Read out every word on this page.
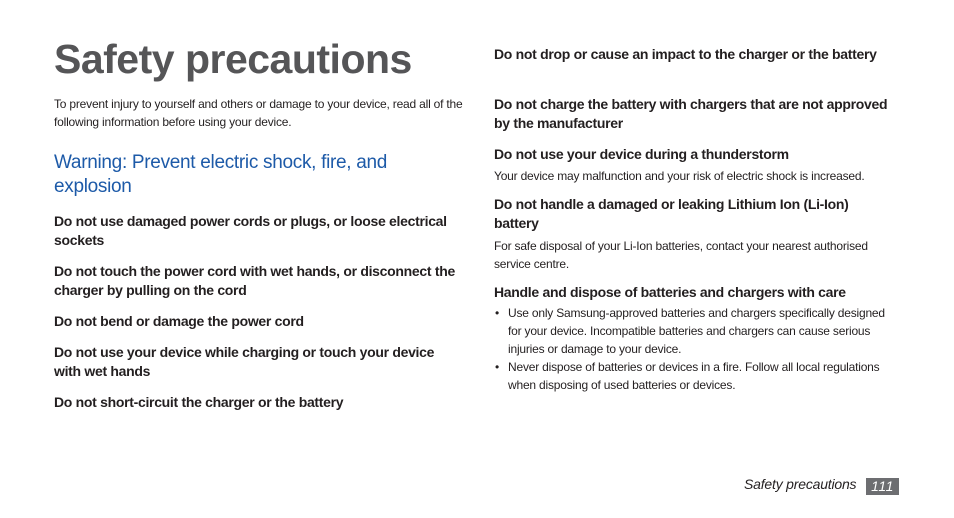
Safety precautions

To prevent injury to yourself and others or damage to your device, read all of the following information before using your device.

Warning: Prevent electric shock, fire, and explosion

Do not use damaged power cords or plugs, or loose electrical sockets

Do not touch the power cord with wet hands, or disconnect the charger by pulling on the cord

Do not bend or damage the power cord

Do not use your device while charging or touch your device with wet hands

Do not short-circuit the charger or the battery

Do not drop or cause an impact to the charger or the battery

Do not charge the battery with chargers that are not approved by the manufacturer

Do not use your device during a thunderstorm

Your device may malfunction and your risk of electric shock is increased.

Do not handle a damaged or leaking Lithium Ion (Li-Ion) battery

For safe disposal of your Li-Ion batteries, contact your nearest authorised service centre.

Handle and dispose of batteries and chargers with care

• Use only Samsung-approved batteries and chargers specifically designed for your device. Incompatible batteries and chargers can cause serious injuries or damage to your device.
• Never dispose of batteries or devices in a fire. Follow all local regulations when disposing of used batteries or devices.
Safety precautions	111
